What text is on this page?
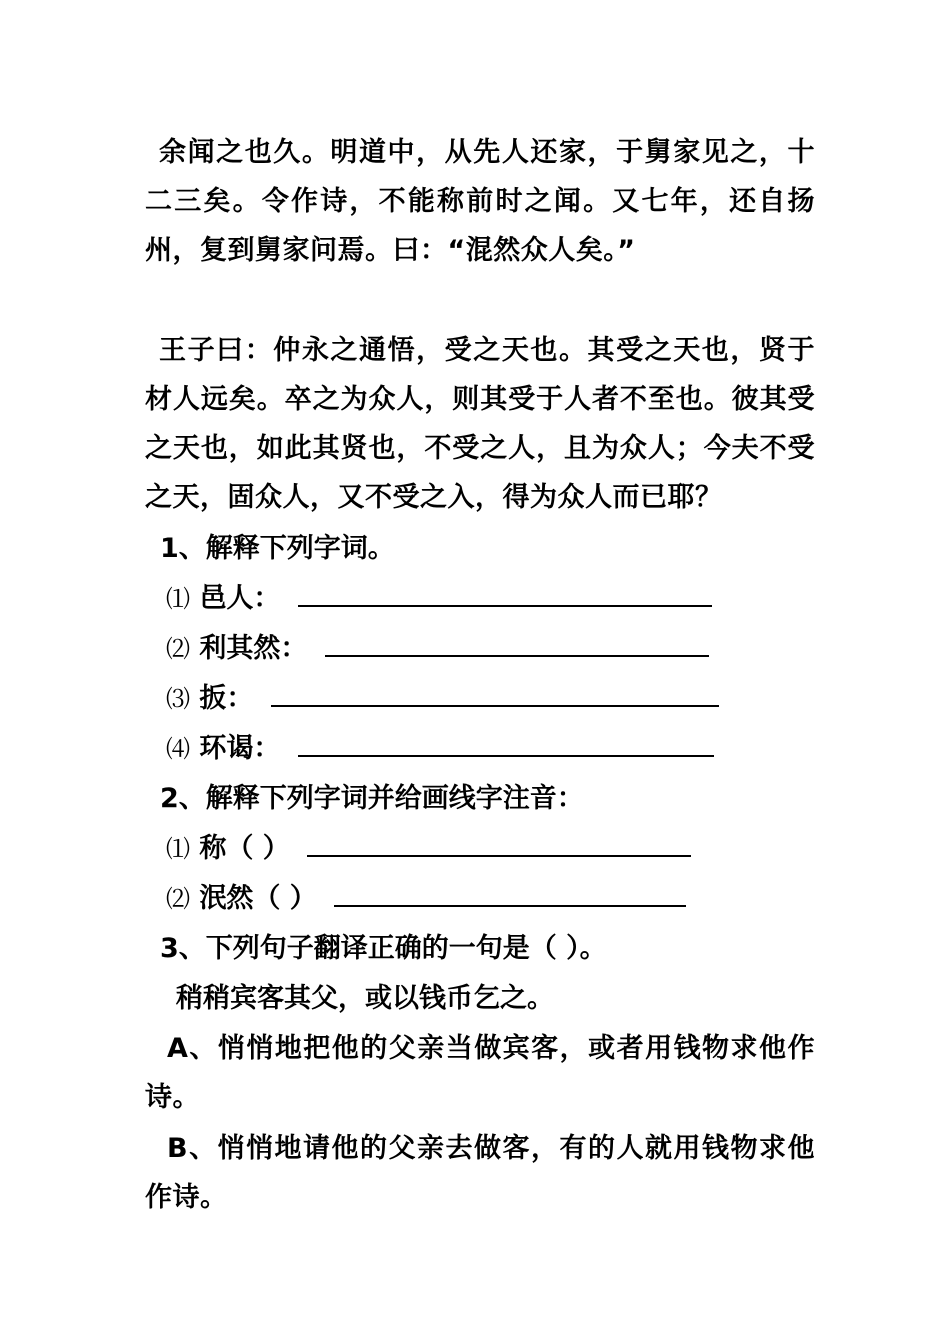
余闻之也久。明道中，从先人还家，于舅家见之，十二三矣。令作诗，不能称前时之闻。又七年，还自扬州，复到舅家问焉。曰：“混然众人矣。”
王子曰：仲永之通悟，受之天也。其受之天也，贤于材人远矣。卒之为众人，则其受于人者不至也。彼其受之天也，如此其贤也，不受之人，且为众人；今夫不受之天，固众人，又不受之入，得为众人而已耶？
1、解释下列字词。
⑴ 邑人：
⑵ 利其然：
⑶ 扳：
⑷ 环谒：
2、解释下列字词并给画线字注音：
⑴ 称（ ）
⑵ 泯然（ ）
3、下列句子翻译正确的一句是（ ）。
稍稍宾客其父，或以钱币乞之。
A、悄悄地把他的父亲当做宾客，或者用钱物求他作诗。
B、悄悄地请他的父亲去做客，有的人就用钱物求他作诗。
